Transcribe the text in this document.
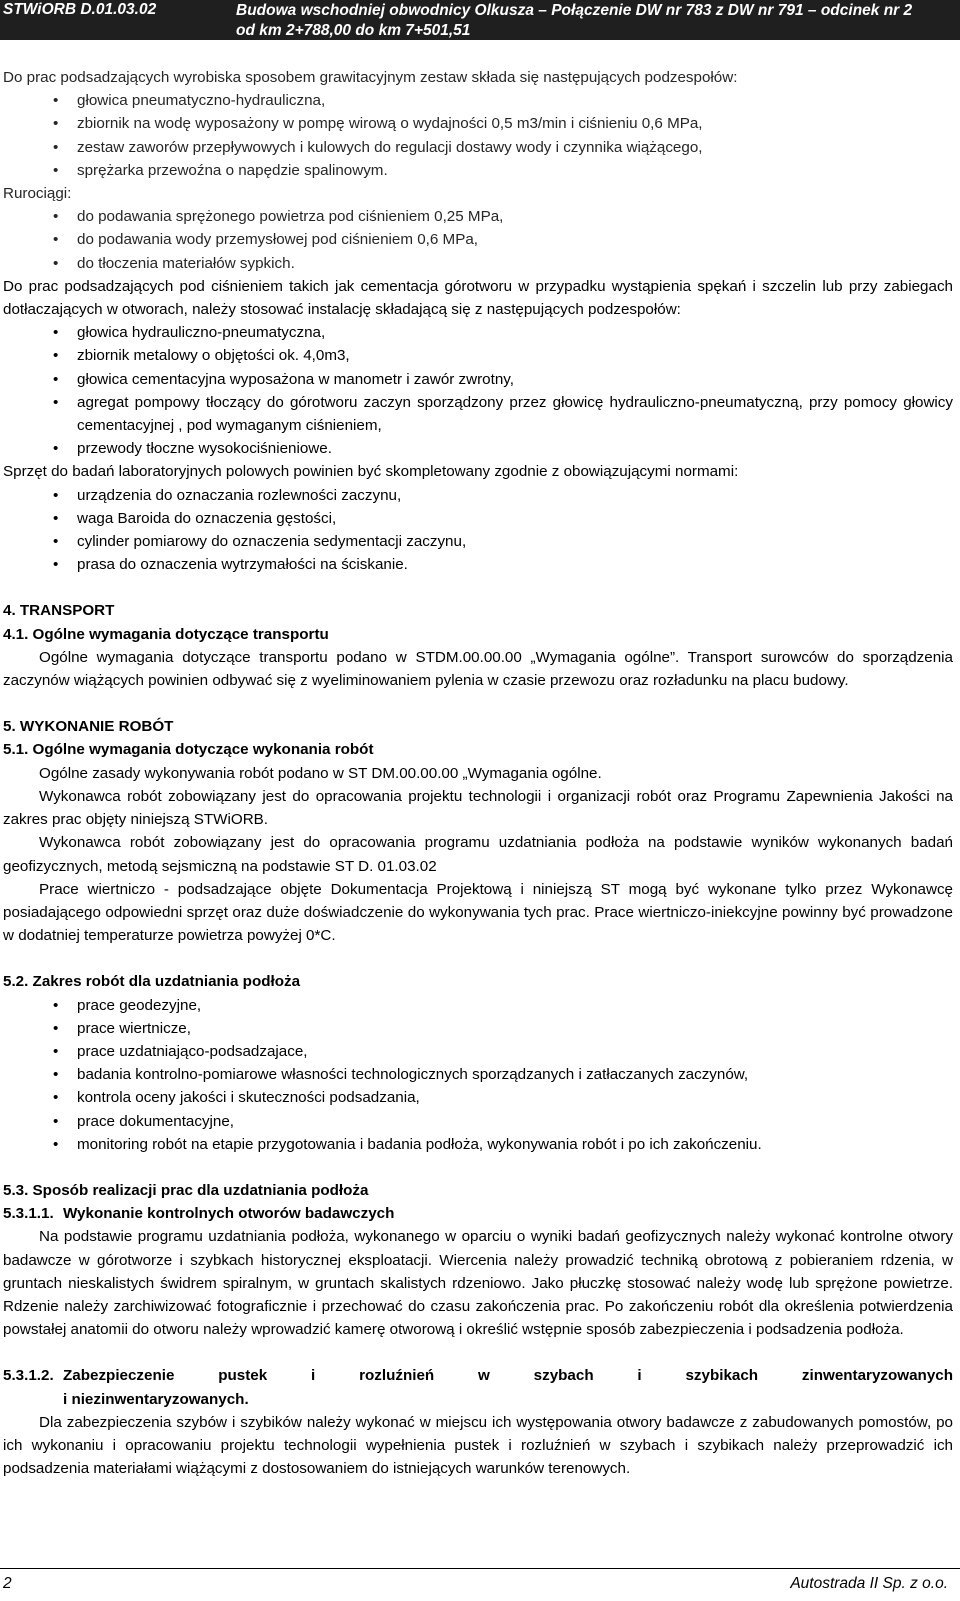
STWiORB D.01.03.02	Budowa wschodniej obwodnicy Olkusza – Połączenie DW nr 783 z DW nr 791 – odcinek nr 2
od km 2+788,00 do km 7+501,51

Do prac podsadzających wyrobiska sposobem grawitacyjnym zestaw składa się następujących podzespołów:

• głowica pneumatyczno-hydrauliczna,
• zbiornik na wodę wyposażony w pompę wirową o wydajności 0,5 m3/min i ciśnieniu 0,6 MPa,
• zestaw zaworów przepływowych i kulowych do regulacji dostawy wody i czynnika wiążącego,
• sprężarka przewoźna o napędzie spalinowym.

Rurociągi:

• do podawania sprężonego powietrza pod ciśnieniem 0,25 MPa,
• do podawania wody przemysłowej pod ciśnieniem 0,6 MPa,
• do tłoczenia materiałów sypkich.

Do prac podsadzających pod ciśnieniem takich jak cementacja górotworu w przypadku wystąpienia spękań i szczelin lub przy zabiegach dotłaczających w otworach, należy stosować instalację składającą się z następujących podzespołów:

• głowica hydrauliczno-pneumatyczna,
• zbiornik metalowy o objętości ok. 4,0m3,
• głowica cementacyjna wyposażona w manometr i zawór zwrotny,
• agregat pompowy tłoczący do górotworu zaczyn sporządzony przez głowicę hydrauliczno-pneumatyczną, przy pomocy głowicy cementacyjnej , pod wymaganym ciśnieniem,
• przewody tłoczne wysokociśnieniowe.

Sprzęt do badań laboratoryjnych polowych powinien być skompletowany zgodnie z obowiązującymi normami:

• urządzenia do oznaczania rozlewności zaczynu,
• waga Baroida do oznaczenia gęstości,
• cylinder pomiarowy do oznaczenia sedymentacji zaczynu,
• prasa do oznaczenia wytrzymałości na ściskanie.

4. TRANSPORT

4.1. Ogólne wymagania dotyczące transportu

Ogólne wymagania dotyczące transportu podano w STDM.00.00.00 „Wymagania ogólne”. Transport surowców do sporządzenia zaczynów wiążących powinien odbywać się z wyeliminowaniem pylenia w czasie przewozu oraz rozładunku na placu budowy.

5. WYKONANIE ROBÓT

5.1. Ogólne wymagania dotyczące wykonania robót

Ogólne zasady wykonywania robót podano w ST DM.00.00.00 „Wymagania ogólne.

Wykonawca robót zobowiązany jest do opracowania projektu technologii i organizacji robót oraz Programu Zapewnienia Jakości na zakres prac objęty niniejszą STWiORB.

Wykonawca robót zobowiązany jest do opracowania programu uzdatniania podłoża na podstawie wyników wykonanych badań geofizycznych, metodą sejsmiczną na podstawie ST D. 01.03.02

Prace wiertniczo - podsadzające objęte Dokumentacja Projektową i niniejszą ST mogą być wykonane tylko przez Wykonawcę posiadającego odpowiedni sprzęt oraz duże doświadczenie do wykonywania tych prac. Prace wiertniczo-iniekcyjne powinny być prowadzone w dodatniej temperaturze powietrza powyżej 0*C.

5.2. Zakres robót dla uzdatniania podłoża

• prace geodezyjne,
• prace wiertnicze,
• prace uzdatniająco-podsadzajace,
• badania kontrolno-pomiarowe własności technologicznych sporządzanych i zatłaczanych zaczynów,
• kontrola oceny jakości i skuteczności podsadzania,
• prace dokumentacyjne,
• monitoring robót na etapie przygotowania i badania podłoża, wykonywania robót i po ich zakończeniu.

5.3. Sposób realizacji prac dla uzdatniania podłoża

5.3.1.1. Wykonanie kontrolnych otworów badawczych

Na podstawie programu uzdatniania podłoża, wykonanego w oparciu o wyniki badań geofizycznych należy wykonać kontrolne otwory badawcze w górotworze i szybkach historycznej eksploatacji. Wiercenia należy prowadzić techniką obrotową z pobieraniem rdzenia, w gruntach nieskalistych świdrem spiralnym, w gruntach skalistych rdzeniowo. Jako płuczkę stosować należy wodę lub sprężone powietrze. Rdzenie należy zarchiwizować fotograficznie i przechować do czasu zakończenia prac. Po zakończeniu robót dla określenia potwierdzenia powstałej anatomii do otworu należy wprowadzić kamerę otworową i określić wstępnie sposób zabezpieczenia i podsadzenia podłoża.

5.3.1.2. Zabezpieczenie pustek i rozluźnień w szybach i szybikach zinwentaryzowanych
i niezinwentaryzowanych.

Dla zabezpieczenia szybów i szybików należy wykonać w miejscu ich występowania otwory badawcze z zabudowanych pomostów, po ich wykonaniu i opracowaniu projektu technologii wypełnienia pustek i rozluźnień w szybach i szybikach należy przeprowadzić ich podsadzenia materiałami wiążącymi z dostosowaniem do istniejących warunków terenowych.

2	Autostrada II Sp. z o.o.
